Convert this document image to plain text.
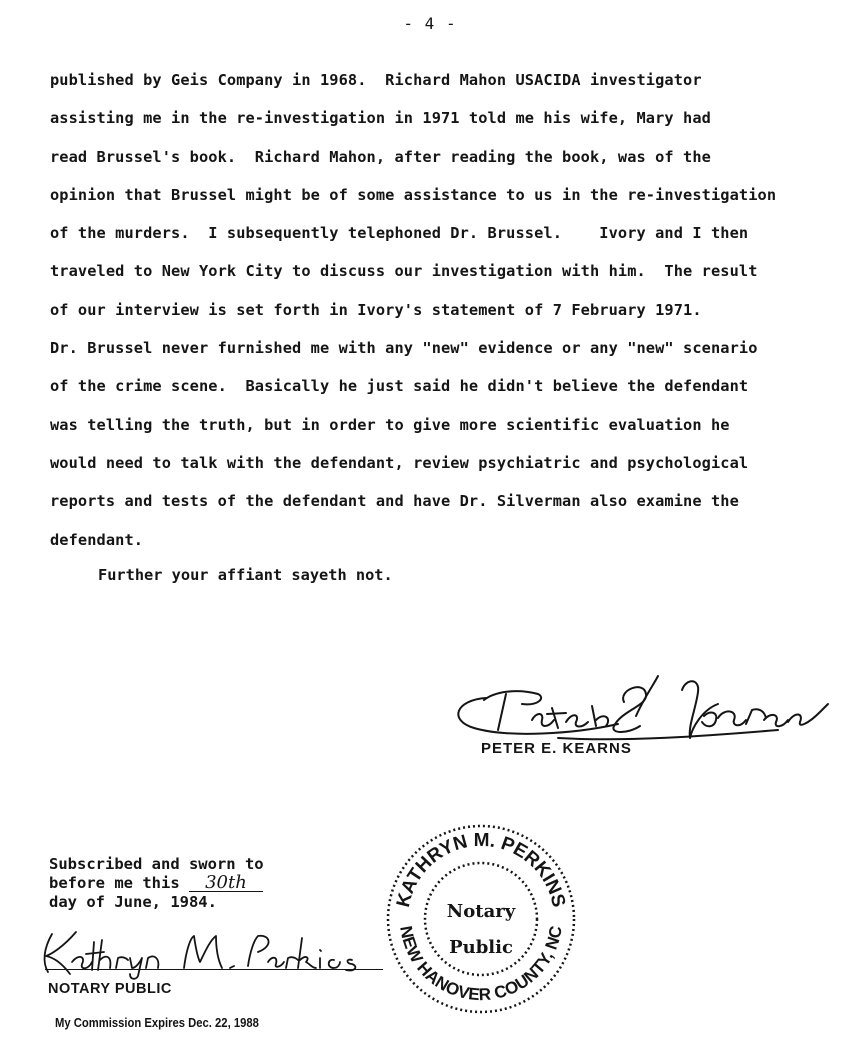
- 4 -
published by Geis Company in 1968.  Richard Mahon USACIDA investigator
assisting me in the re-investigation in 1971 told me his wife, Mary had
read Brussel's book.  Richard Mahon, after reading the book, was of the
opinion that Brussel might be of some assistance to us in the re-investigation
of the murders.  I subsequently telephoned Dr. Brussel.    Ivory and I then
traveled to New York City to discuss our investigation with him.  The result
of our interview is set forth in Ivory's statement of 7 February 1971.
Dr. Brussel never furnished me with any "new" evidence or any "new" scenario
of the crime scene.  Basically he just said he didn't believe the defendant
was telling the truth, but in order to give more scientific evaluation he
would need to talk with the defendant, review psychiatric and psychological
reports and tests of the defendant and have Dr. Silverman also examine the
defendant.
Further your affiant sayeth not.
PETER E. KEARNS
Subscribed and sworn to
before me this 30th
day of June, 1984.
NOTARY PUBLIC
My Commission Expires Dec. 22, 1988
KATHRYN M. PERKINS
NEW HANOVER COUNTY, NC
Notary
Public
